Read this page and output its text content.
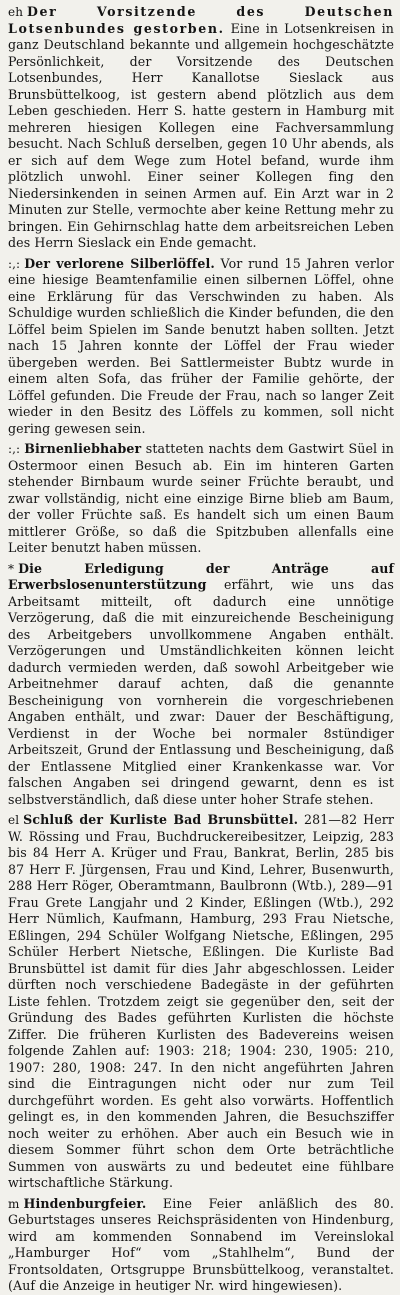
eh Der Vorsitzende des Deutschen Lotsenbundes gestorben. Eine in Lotsenkreisen in ganz Deutschland bekannte und allgemein hochgeschätzte Persönlichkeit, der Vorsitzende des Deutschen Lotsenbundes, Herr Kanallotse Sieslack aus Brunsbüttelkoog, ist gestern abend plötzlich aus dem Leben geschieden. Herr S. hatte gestern in Hamburg mit mehreren hiesigen Kollegen eine Fachversammlung besucht. Nach Schluß derselben, gegen 10 Uhr abends, als er sich auf dem Wege zum Hotel befand, wurde ihm plötzlich unwohl. Einer seiner Kollegen fing den Niedersinkenden in seinen Armen auf. Ein Arzt war in 2 Minuten zur Stelle, vermochte aber keine Rettung mehr zu bringen. Ein Gehirnschlag hatte dem arbeitsreichen Leben des Herrn Sieslack ein Ende gemacht.

:,: Der verlorene Silberlöffel. Vor rund 15 Jahren verlor eine hiesige Beamtenfamilie einen silbernen Löffel, ohne eine Erklärung für das Verschwinden zu haben. Als Schuldige wurden schließlich die Kinder befunden, die den Löffel beim Spielen im Sande benutzt haben sollten. Jetzt nach 15 Jahren konnte der Löffel der Frau wieder übergeben werden. Bei Sattlermeister Bubtz wurde in einem alten Sofa, das früher der Familie gehörte, der Löffel gefunden. Die Freude der Frau, nach so langer Zeit wieder in den Besitz des Löffels zu kommen, soll nicht gering gewesen sein.

:,: Birnenliebhaber statteten nachts dem Gastwirt Süel in Ostermoor einen Besuch ab. Ein im hinteren Garten stehender Birnbaum wurde seiner Früchte beraubt, und zwar vollständig, nicht eine einzige Birne blieb am Baum, der voller Früchte saß. Es handelt sich um einen Baum mittlerer Größe, so daß die Spitzbuben allenfalls eine Leiter benutzt haben müssen.

* Die Erledigung der Anträge auf Erwerbslosenunterstützung erfährt, wie uns das Arbeitsamt mitteilt, oft dadurch eine unnötige Verzögerung, daß die mit einzureichende Bescheinigung des Arbeitgebers unvollkommene Angaben enthält. Verzögerungen und Umständlichkeiten können leicht dadurch vermieden werden, daß sowohl Arbeitgeber wie Arbeitnehmer darauf achten, daß die genannte Bescheinigung von vornherein die vorgeschriebenen Angaben enthält, und zwar: Dauer der Beschäftigung, Verdienst in der Woche bei normaler 8stündiger Arbeitszeit, Grund der Entlassung und Bescheinigung, daß der Entlassene Mitglied einer Krankenkasse war. Vor falschen Angaben sei dringend gewarnt, denn es ist selbstverständlich, daß diese unter hoher Strafe stehen.

el Schluß der Kurliste Bad Brunsbüttel. 281—82 Herr W. Rössing und Frau, Buchdruckereibesitzer, Leipzig, 283 bis 84 Herr A. Krüger und Frau, Bankrat, Berlin, 285 bis 87 Herr F. Jürgensen, Frau und Kind, Lehrer, Busenwurth, 288 Herr Röger, Oberamtmann, Baulbronn (Wtb.), 289—91 Frau Grete Langjahr und 2 Kinder, Eßlingen (Wtb.), 292 Herr Nümlich, Kaufmann, Hamburg, 293 Frau Nietsche, Eßlingen, 294 Schüler Wolfgang Nietsche, Eßlingen, 295 Schüler Herbert Nietsche, Eßlingen. Die Kurliste Bad Brunsbüttel ist damit für dies Jahr abgeschlossen. Leider dürften noch verschiedene Badegäste in der geführten Liste fehlen. Trotzdem zeigt sie gegenüber den, seit der Gründung des Bades geführten Kurlisten die höchste Ziffer. Die früheren Kurlisten des Badevereins weisen folgende Zahlen auf: 1903: 218; 1904: 230, 1905: 210, 1907: 280, 1908: 247. In den nicht angeführten Jahren sind die Eintragungen nicht oder nur zum Teil durchgeführt worden. Es geht also vorwärts. Hoffentlich gelingt es, in den kommenden Jahren, die Besuchsziffer noch weiter zu erhöhen. Aber auch ein Besuch wie in diesem Sommer führt schon dem Orte beträchtliche Summen von auswärts zu und bedeutet eine fühlbare wirtschaftliche Stärkung.

m Hindenburgfeier. Eine Feier anläßlich des 80. Geburtstages unseres Reichspräsidenten von Hindenburg, wird am kommenden Sonnabend im Vereinslokal „Hamburger Hof“ vom „Stahlhelm“, Bund der Frontsoldaten, Ortsgruppe Brunsbüttelkoog, veranstaltet. (Auf die Anzeige in heutiger Nr. wird hingewiesen).
